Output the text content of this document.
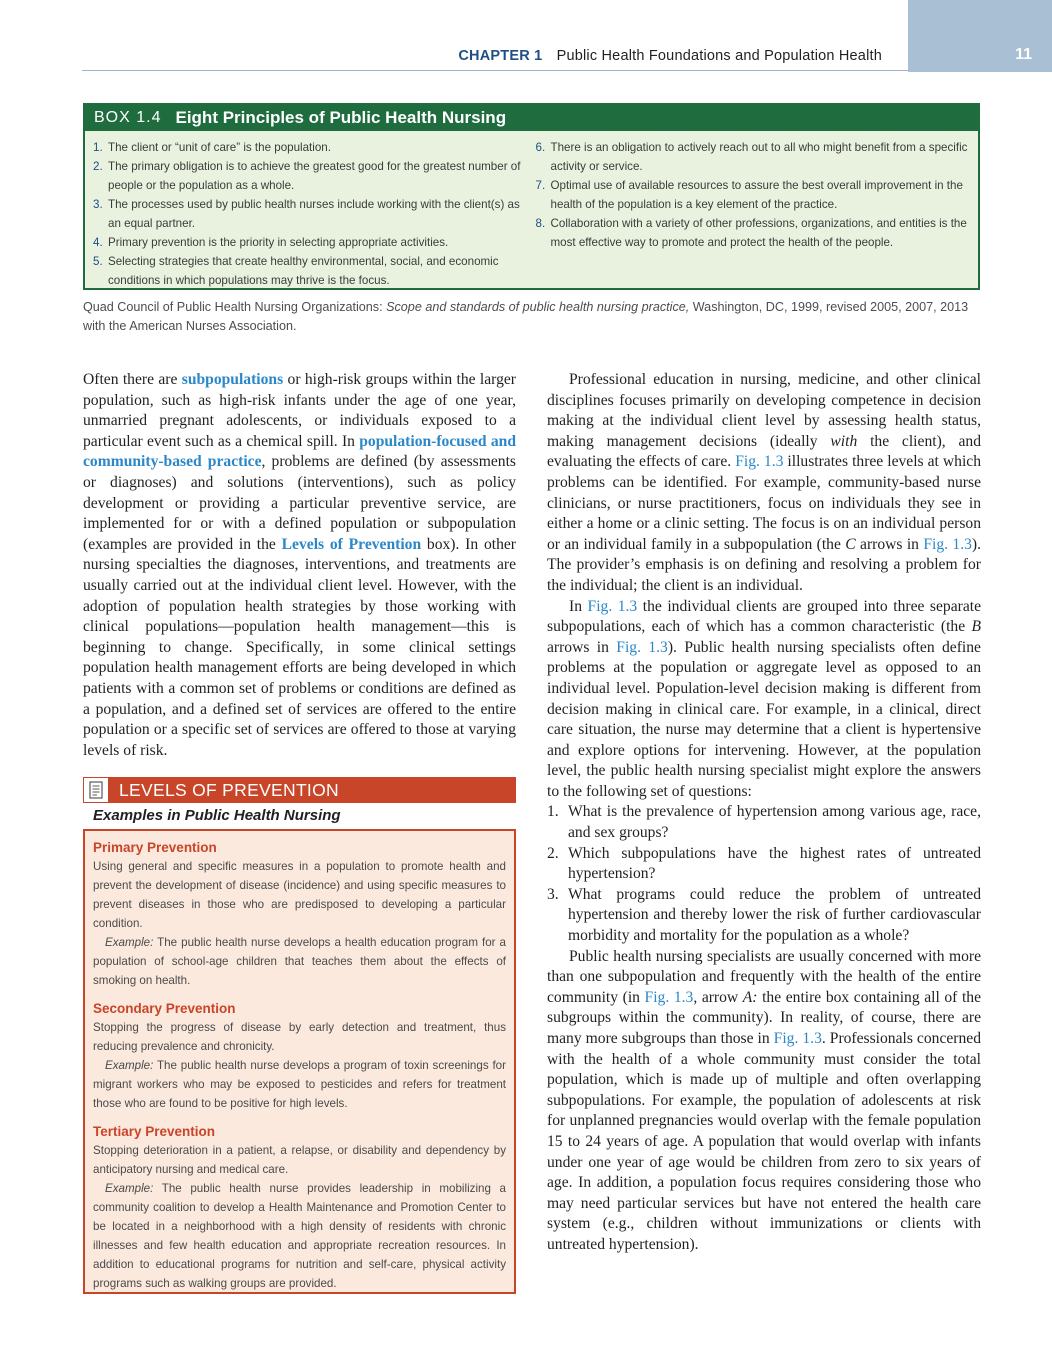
CHAPTER 1 Public Health Foundations and Population Health	11
BOX 1.4 Eight Principles of Public Health Nursing
1. The client or “unit of care” is the population.
2. The primary obligation is to achieve the greatest good for the greatest number of people or the population as a whole.
3. The processes used by public health nurses include working with the client(s) as an equal partner.
4. Primary prevention is the priority in selecting appropriate activities.
5. Selecting strategies that create healthy environmental, social, and economic conditions in which populations may thrive is the focus.
6. There is an obligation to actively reach out to all who might benefit from a specific activity or service.
7. Optimal use of available resources to assure the best overall improvement in the health of the population is a key element of the practice.
8. Collaboration with a variety of other professions, organizations, and entities is the most effective way to promote and protect the health of the people.
Quad Council of Public Health Nursing Organizations: Scope and standards of public health nursing practice, Washington, DC, 1999, revised 2005, 2007, 2013 with the American Nurses Association.

Often there are subpopulations or high-risk groups within the larger population, such as high-risk infants under the age of one year, unmarried pregnant adolescents, or individuals exposed to a particular event such as a chemical spill. In population-focused and community-based practice, problems are defined (by assessments or diagnoses) and solutions (interventions), such as policy development or providing a particular preventive service, are implemented for or with a defined population or subpopulation (examples are provided in the Levels of Prevention box). In other nursing specialties the diagnoses, interventions, and treatments are usually carried out at the individual client level. However, with the adoption of population health strategies by those working with clinical populations—population health management—this is beginning to change. Specifically, in some clinical settings population health management efforts are being developed in which patients with a common set of problems or conditions are defined as a population, and a defined set of services are offered to the entire population or a specific set of services are offered to those at varying levels of risk.

LEVELS OF PREVENTION
Examples in Public Health Nursing
Primary Prevention
Using general and specific measures in a population to promote health and prevent the development of disease (incidence) and using specific measures to prevent diseases in those who are predisposed to developing a particular condition.
Example: The public health nurse develops a health education program for a population of school-age children that teaches them about the effects of smoking on health.
Secondary Prevention
Stopping the progress of disease by early detection and treatment, thus reducing prevalence and chronicity.
Example: The public health nurse develops a program of toxin screenings for migrant workers who may be exposed to pesticides and refers for treatment those who are found to be positive for high levels.
Tertiary Prevention
Stopping deterioration in a patient, a relapse, or disability and dependency by anticipatory nursing and medical care.
Example: The public health nurse provides leadership in mobilizing a community coalition to develop a Health Maintenance and Promotion Center to be located in a neighborhood with a high density of residents with chronic illnesses and few health education and appropriate recreation resources. In addition to educational programs for nutrition and self-care, physical activity programs such as walking groups are provided.

Professional education in nursing, medicine, and other clinical disciplines focuses primarily on developing competence in decision making at the individual client level by assessing health status, making management decisions (ideally with the client), and evaluating the effects of care. Fig. 1.3 illustrates three levels at which problems can be identified. For example, community-based nurse clinicians, or nurse practitioners, focus on individuals they see in either a home or a clinic setting. The focus is on an individual person or an individual family in a subpopulation (the C arrows in Fig. 1.3). The provider’s emphasis is on defining and resolving a problem for the individual; the client is an individual.

In Fig. 1.3 the individual clients are grouped into three separate subpopulations, each of which has a common characteristic (the B arrows in Fig. 1.3). Public health nursing specialists often define problems at the population or aggregate level as opposed to an individual level. Population-level decision making is different from decision making in clinical care. For example, in a clinical, direct care situation, the nurse may determine that a client is hypertensive and explore options for intervening. However, at the population level, the public health nursing specialist might explore the answers to the following set of questions:

1. What is the prevalence of hypertension among various age, race, and sex groups?
2. Which subpopulations have the highest rates of untreated hypertension?
3. What programs could reduce the problem of untreated hypertension and thereby lower the risk of further cardiovascular morbidity and mortality for the population as a whole?

Public health nursing specialists are usually concerned with more than one subpopulation and frequently with the health of the entire community (in Fig. 1.3, arrow A: the entire box containing all of the subgroups within the community). In reality, of course, there are many more subgroups than those in Fig. 1.3. Professionals concerned with the health of a whole community must consider the total population, which is made up of multiple and often overlapping subpopulations. For example, the population of adolescents at risk for unplanned pregnancies would overlap with the female population 15 to 24 years of age. A population that would overlap with infants under one year of age would be children from zero to six years of age. In addition, a population focus requires considering those who may need particular services but have not entered the health care system (e.g., children without immunizations or clients with untreated hypertension).
